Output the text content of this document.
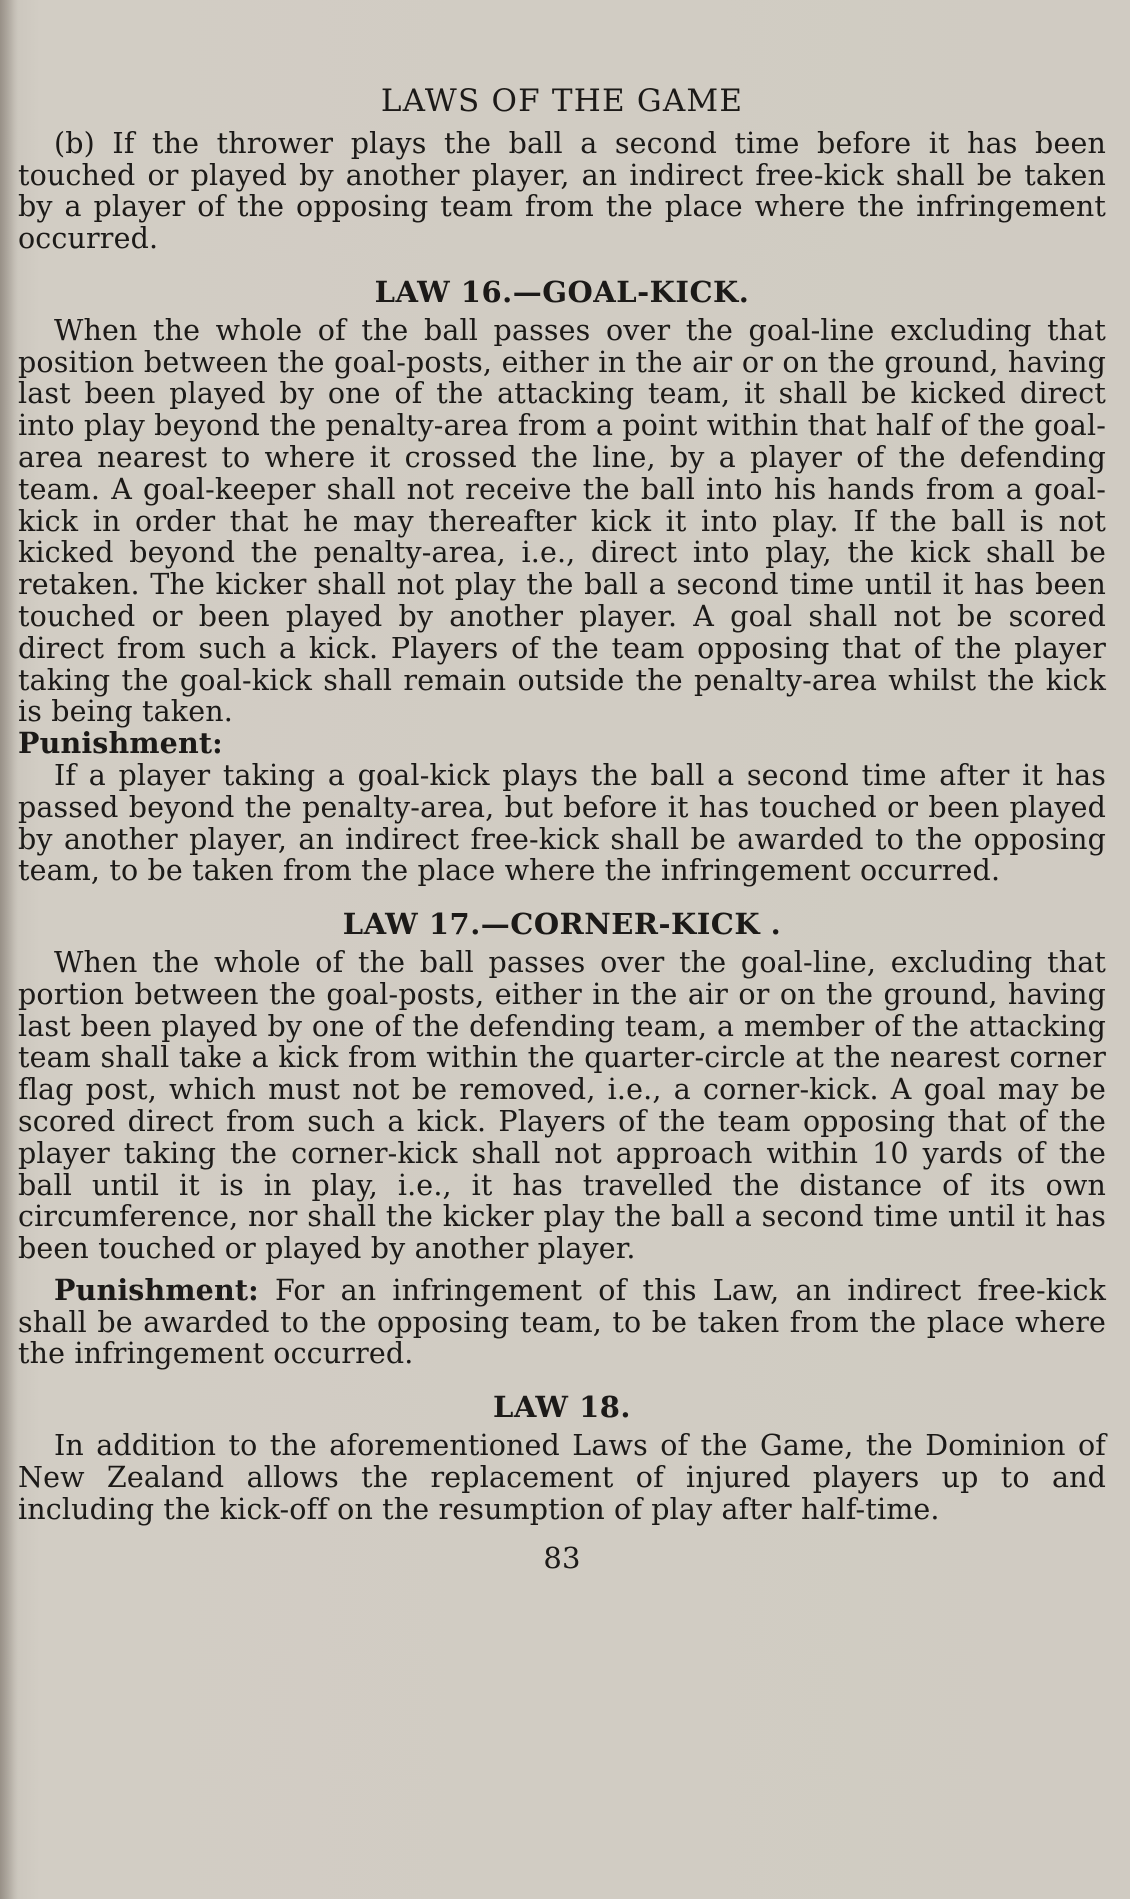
LAWS OF THE GAME

(b) If the thrower plays the ball a second time before it has been touched or played by another player, an indirect free-kick shall be taken by a player of the opposing team from the place where the infringement occurred.

LAW 16.—GOAL-KICK.

When the whole of the ball passes over the goal-line excluding that position between the goal-posts, either in the air or on the ground, having last been played by one of the attacking team, it shall be kicked direct into play beyond the penalty-area from a point within that half of the goal-area nearest to where it crossed the line, by a player of the defending team. A goal-keeper shall not receive the ball into his hands from a goal-kick in order that he may thereafter kick it into play. If the ball is not kicked beyond the penalty-area, i.e., direct into play, the kick shall be retaken. The kicker shall not play the ball a second time until it has been touched or been played by another player. A goal shall not be scored direct from such a kick. Players of the team opposing that of the player taking the goal-kick shall remain outside the penalty-area whilst the kick is being taken.

Punishment:

If a player taking a goal-kick plays the ball a second time after it has passed beyond the penalty-area, but before it has touched or been played by another player, an indirect free-kick shall be awarded to the opposing team, to be taken from the place where the infringement occurred.

LAW 17.—CORNER-KICK .

When the whole of the ball passes over the goal-line, excluding that portion between the goal-posts, either in the air or on the ground, having last been played by one of the defending team, a member of the attacking team shall take a kick from within the quarter-circle at the nearest corner flag post, which must not be removed, i.e., a corner-kick. A goal may be scored direct from such a kick. Players of the team opposing that of the player taking the corner-kick shall not approach within 10 yards of the ball until it is in play, i.e., it has travelled the distance of its own circumference, nor shall the kicker play the ball a second time until it has been touched or played by another player.

Punishment: For an infringement of this Law, an indirect free-kick shall be awarded to the opposing team, to be taken from the place where the infringement occurred.

LAW 18.

In addition to the aforementioned Laws of the Game, the Dominion of New Zealand allows the replacement of injured players up to and including the kick-off on the resumption of play after half-time.

83
